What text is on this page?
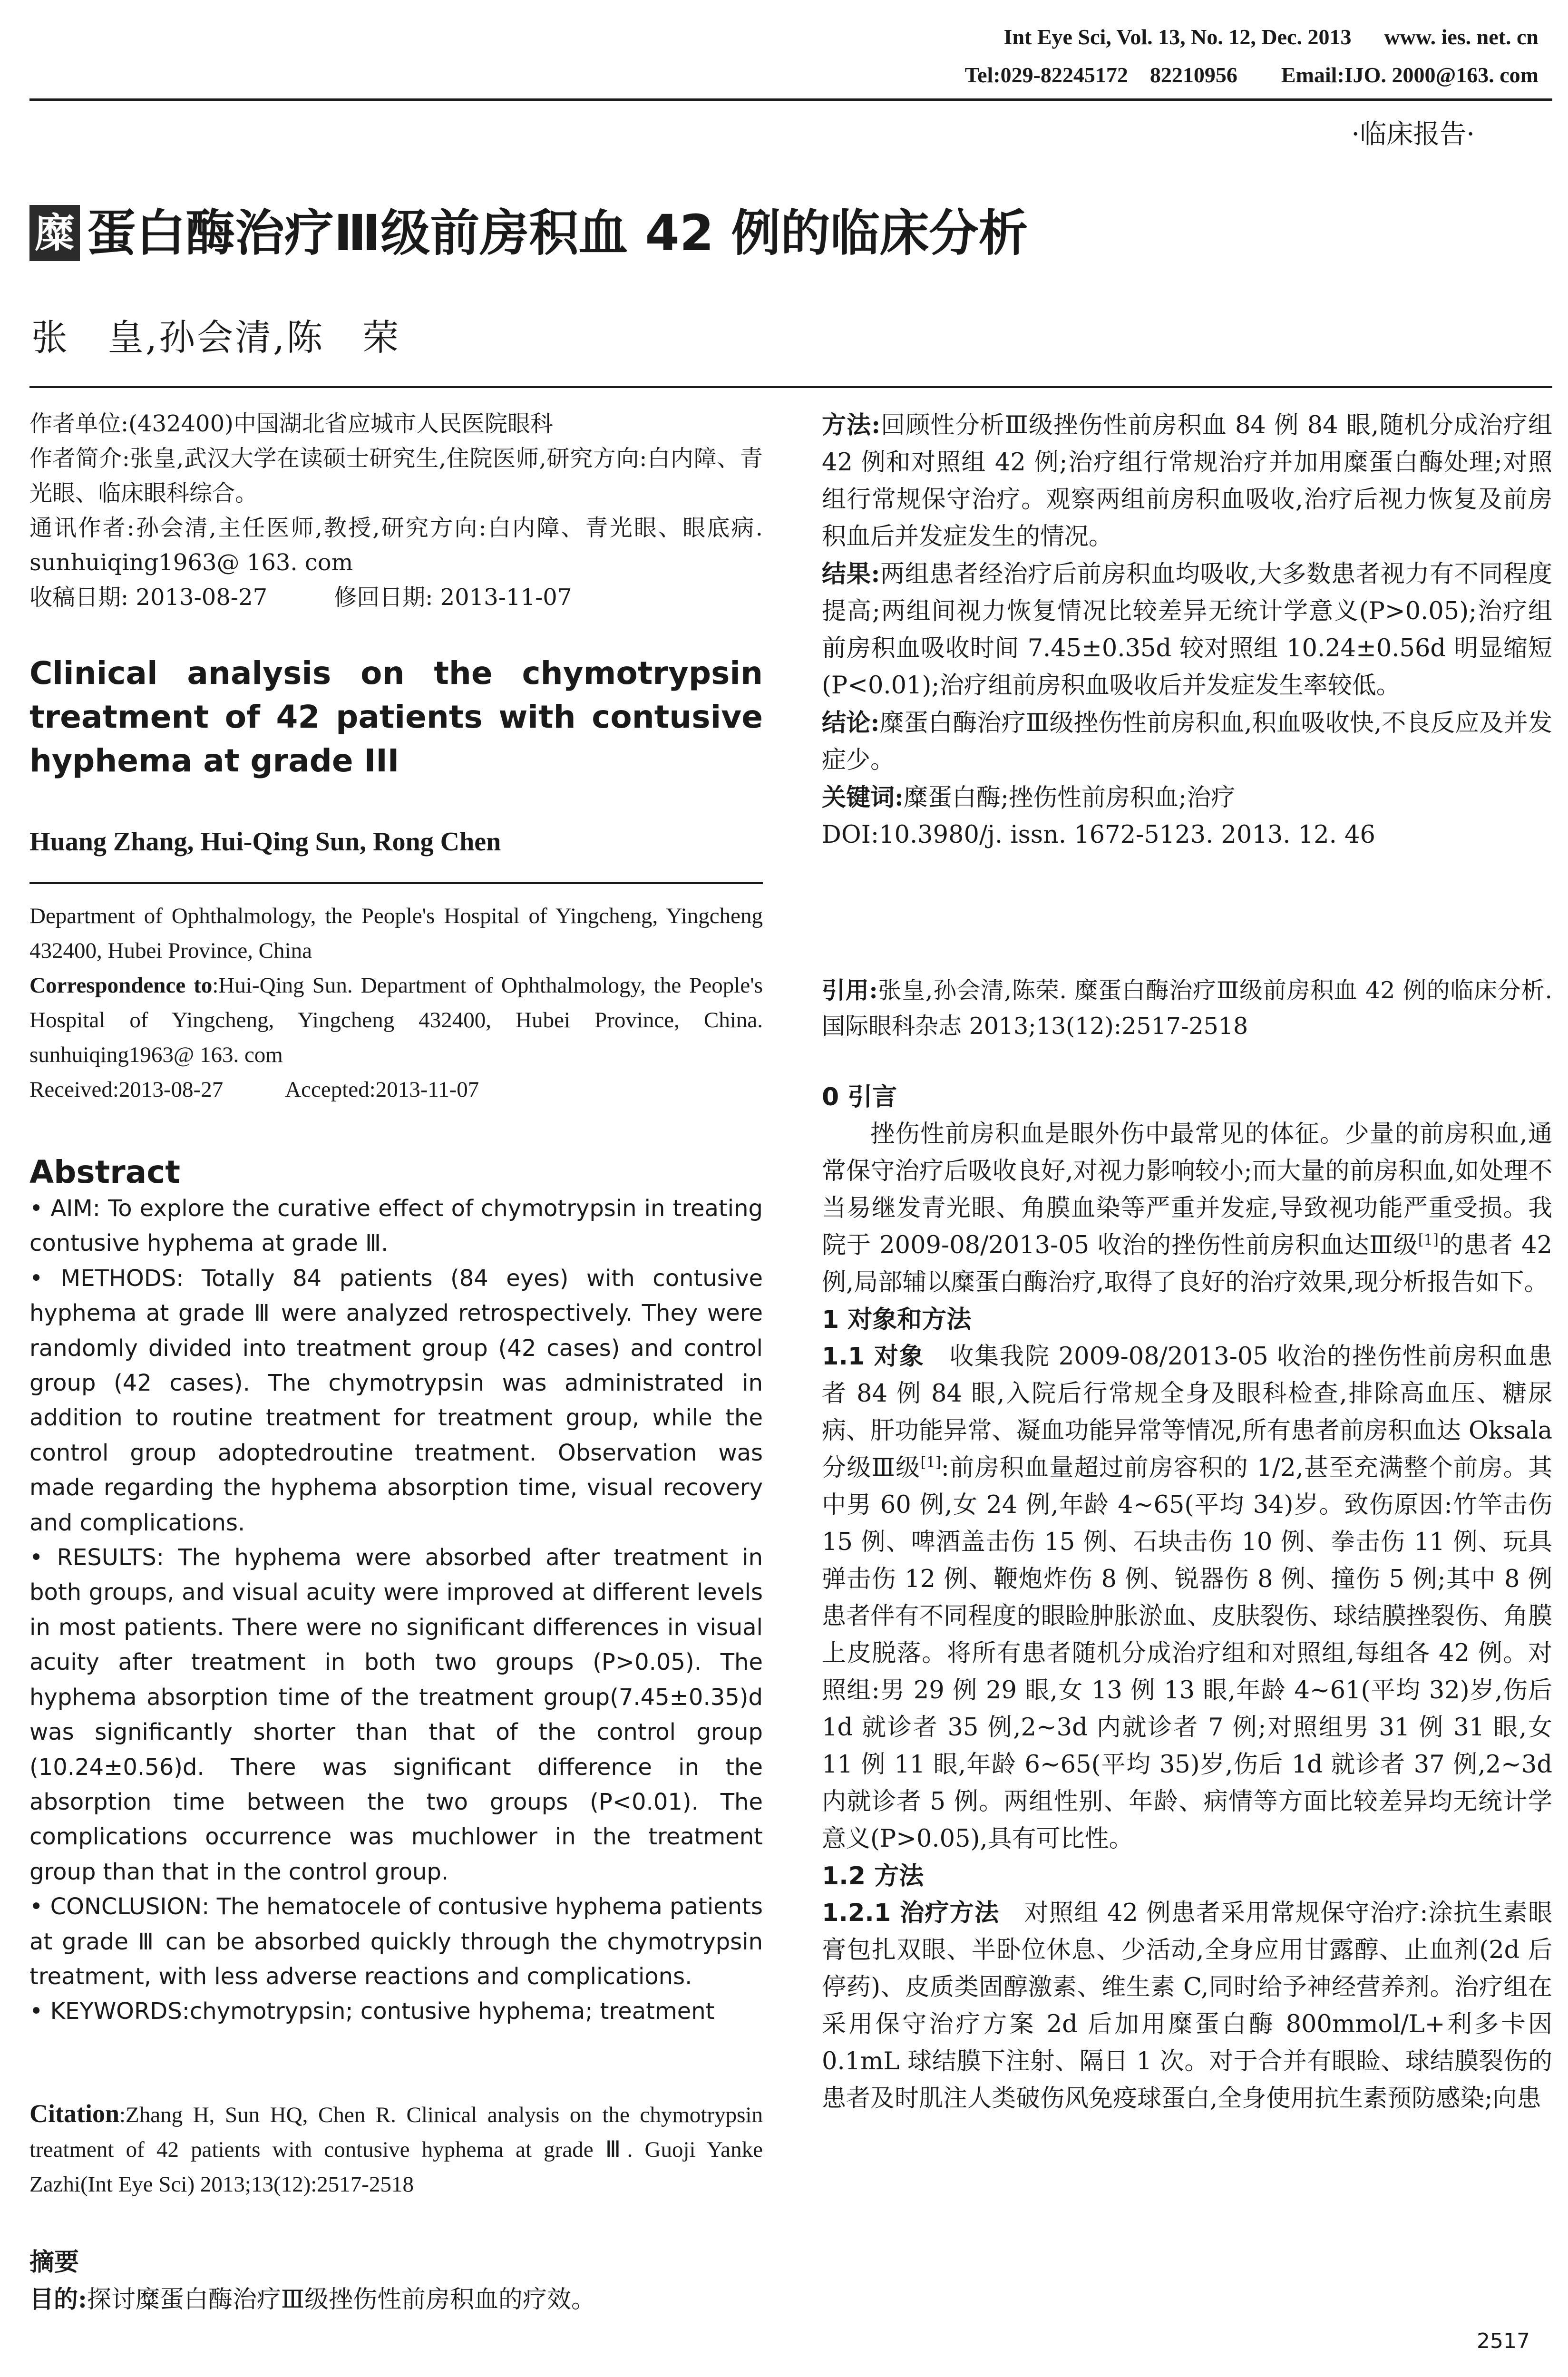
Int Eye Sci, Vol. 13, No. 12, Dec. 2013      www. ies. net. cn
Tel:029-82245172    82210956        Email:IJO. 2000@163. com
·临床报告·
糜 蛋白酶治疗Ⅲ级前房积血 42 例的临床分析
张　皇,孙会清,陈　荣

作者单位:(432400)中国湖北省应城市人民医院眼科

作者简介:张皇,武汉大学在读硕士研究生,住院医师,研究方向:白内障、青光眼、临床眼科综合。

通讯作者:孙会清,主任医师,教授,研究方向:白内障、青光眼、眼底病. sunhuiqing1963@ 163. com

收稿日期: 2013-08-27	修回日期: 2013-11-07

Clinical analysis on the chymotrypsin treatment of 42 patients with contusive hyphema at grade III
Huang Zhang, Hui-Qing Sun, Rong Chen

Department of Ophthalmology, the People's Hospital of Yingcheng, Yingcheng 432400, Hubei Province, China

Correspondence to:Hui-Qing Sun. Department of Ophthalmology, the People's Hospital of Yingcheng, Yingcheng 432400, Hubei Province, China. sunhuiqing1963@ 163. com

Received:2013-08-27	Accepted:2013-11-07

Abstract

• AIM: To explore the curative effect of chymotrypsin in treating contusive hyphema at grade Ⅲ.

• METHODS: Totally 84 patients (84 eyes) with contusive hyphema at grade Ⅲ were analyzed retrospectively. They were randomly divided into treatment group (42 cases) and control group (42 cases). The chymotrypsin was administrated in addition to routine treatment for treatment group, while the control group adoptedroutine treatment. Observation was made regarding the hyphema absorption time, visual recovery and complications.

• RESULTS: The hyphema were absorbed after treatment in both groups, and visual acuity were improved at different levels in most patients. There were no significant differences in visual acuity after treatment in both two groups (P>0.05). The hyphema absorption time of the treatment group(7.45±0.35)d was significantly shorter than that of the control group (10.24±0.56)d. There was significant difference in the absorption time between the two groups (P<0.01). The complications occurrence was muchlower in the treatment group than that in the control group.

• CONCLUSION: The hematocele of contusive hyphema patients at grade Ⅲ can be absorbed quickly through the chymotrypsin treatment, with less adverse reactions and complications.

• KEYWORDS:chymotrypsin; contusive hyphema; treatment

Citation:Zhang H, Sun HQ, Chen R. Clinical analysis on the chymotrypsin treatment of 42 patients with contusive hyphema at grade Ⅲ. Guoji Yanke Zazhi(Int Eye Sci) 2013;13(12):2517-2518

摘要

目的:探讨糜蛋白酶治疗Ⅲ级挫伤性前房积血的疗效。

方法:回顾性分析Ⅲ级挫伤性前房积血 84 例 84 眼,随机分成治疗组 42 例和对照组 42 例;治疗组行常规治疗并加用糜蛋白酶处理;对照组行常规保守治疗。观察两组前房积血吸收,治疗后视力恢复及前房积血后并发症发生的情况。

结果:两组患者经治疗后前房积血均吸收,大多数患者视力有不同程度提高;两组间视力恢复情况比较差异无统计学意义(P>0.05);治疗组前房积血吸收时间 7.45±0.35d 较对照组 10.24±0.56d 明显缩短(P<0.01);治疗组前房积血吸收后并发症发生率较低。

结论:糜蛋白酶治疗Ⅲ级挫伤性前房积血,积血吸收快,不良反应及并发症少。

关键词:糜蛋白酶;挫伤性前房积血;治疗

DOI:10.3980/j. issn. 1672-5123. 2013. 12. 46

引用:张皇,孙会清,陈荣. 糜蛋白酶治疗Ⅲ级前房积血 42 例的临床分析. 国际眼科杂志 2013;13(12):2517-2518

0 引言

挫伤性前房积血是眼外伤中最常见的体征。少量的前房积血,通常保守治疗后吸收良好,对视力影响较小;而大量的前房积血,如处理不当易继发青光眼、角膜血染等严重并发症,导致视功能严重受损。我院于 2009-08/2013-05 收治的挫伤性前房积血达Ⅲ级[1]的患者 42 例,局部辅以糜蛋白酶治疗,取得了良好的治疗效果,现分析报告如下。

1 对象和方法

1.1 对象　收集我院 2009-08/2013-05 收治的挫伤性前房积血患者 84 例 84 眼,入院后行常规全身及眼科检查,排除高血压、糖尿病、肝功能异常、凝血功能异常等情况,所有患者前房积血达 Oksala 分级Ⅲ级[1]:前房积血量超过前房容积的 1/2,甚至充满整个前房。其中男 60 例,女 24 例,年龄 4~65(平均 34)岁。致伤原因:竹竿击伤 15 例、啤酒盖击伤 15 例、石块击伤 10 例、拳击伤 11 例、玩具弹击伤 12 例、鞭炮炸伤 8 例、锐器伤 8 例、撞伤 5 例;其中 8 例患者伴有不同程度的眼睑肿胀淤血、皮肤裂伤、球结膜挫裂伤、角膜上皮脱落。将所有患者随机分成治疗组和对照组,每组各 42 例。对照组:男 29 例 29 眼,女 13 例 13 眼,年龄 4~61(平均 32)岁,伤后 1d 就诊者 35 例,2~3d 内就诊者 7 例;对照组男 31 例 31 眼,女 11 例 11 眼,年龄 6~65(平均 35)岁,伤后 1d 就诊者 37 例,2~3d 内就诊者 5 例。两组性别、年龄、病情等方面比较差异均无统计学意义(P>0.05),具有可比性。

1.2 方法

1.2.1 治疗方法　对照组 42 例患者采用常规保守治疗:涂抗生素眼膏包扎双眼、半卧位休息、少活动,全身应用甘露醇、止血剂(2d 后停药)、皮质类固醇激素、维生素 C,同时给予神经营养剂。治疗组在采用保守治疗方案 2d 后加用糜蛋白酶 800mmol/L+利多卡因 0.1mL 球结膜下注射、隔日 1 次。对于合并有眼睑、球结膜裂伤的患者及时肌注人类破伤风免疫球蛋白,全身使用抗生素预防感染;向患

2517
